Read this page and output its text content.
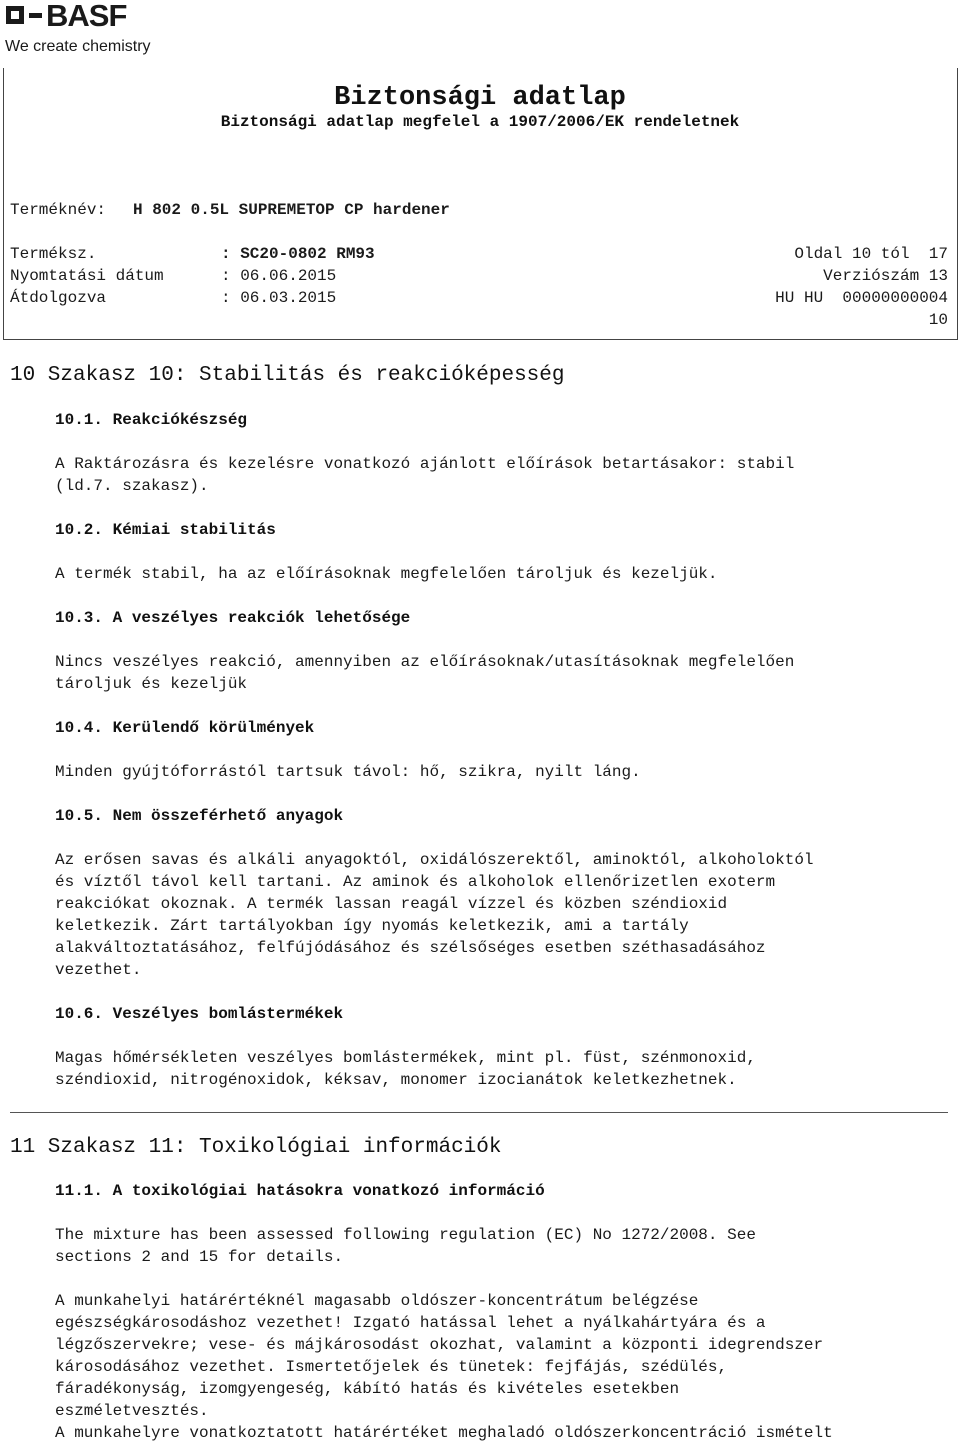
BASF
We create chemistry
Biztonsági adatlap
Biztonsági adatlap megfelel a 1907/2006/EK rendeletnek
Terméknév: H 802 0.5L SUPREMETOP CP hardener
Terméksz.	: SC20-0802 RM93	Oldal 10 tól  17
Nyomtatási dátum	: 06.06.2015	Verziószám 13
Átdolgozva	: 06.03.2015	HU HU  00000000004
10
10 Szakasz 10: Stabilitás és reakcióképesség
10.1. Reakciókészség
A Raktározásra és kezelésre vonatkozó ajánlott előírások betartásakor: stabil
(ld.7. szakasz).
10.2. Kémiai stabilitás
A termék stabil, ha az előírásoknak megfelelően tároljuk és kezeljük.
10.3. A veszélyes reakciók lehetősége
Nincs veszélyes reakció, amennyiben az előírásoknak/utasításoknak megfelelően
tároljuk és kezeljük
10.4. Kerülendő körülmények
Minden gyújtóforrástól tartsuk távol: hő, szikra, nyilt láng.
10.5. Nem összeférhető anyagok
Az erősen savas és alkáli anyagoktól, oxidálószerektől, aminoktól, alkoholoktól
és víztől távol kell tartani. Az aminok és alkoholok ellenőrizetlen exoterm
reakciókat okoznak. A termék lassan reagál vízzel és közben széndioxid
keletkezik. Zárt tartályokban így nyomás keletkezik, ami a tartály
alakváltoztatásához, felfújódásához és szélsőséges esetben széthasadásához
vezethet.
10.6. Veszélyes bomlástermékek
Magas hőmérsékleten veszélyes bomlástermékek, mint pl. füst, szénmonoxid,
széndioxid, nitrogénoxidok, kéksav, monomer izocianátok keletkezhetnek.
11 Szakasz 11: Toxikológiai információk
11.1. A toxikológiai hatásokra vonatkozó információ
The mixture has been assessed following regulation (EC) No 1272/2008. See
sections 2 and 15 for details.
A munkahelyi határértéknél magasabb oldószer-koncentrátum belégzése
egészségkárosodáshoz vezethet! Izgató hatással lehet a nyálkahártyára és a
légzőszervekre; vese- és májkárosodást okozhat, valamint a központi idegrendszer
károsodásához vezethet. Ismertetőjelek és tünetek: fejfájás, szédülés,
fáradékonyság, izomgyengeség, kábító hatás és kivételes esetekben
eszméletvesztés.
A munkahelyre vonatkoztatott határértéket meghaladó oldószerkoncentráció ismételt
